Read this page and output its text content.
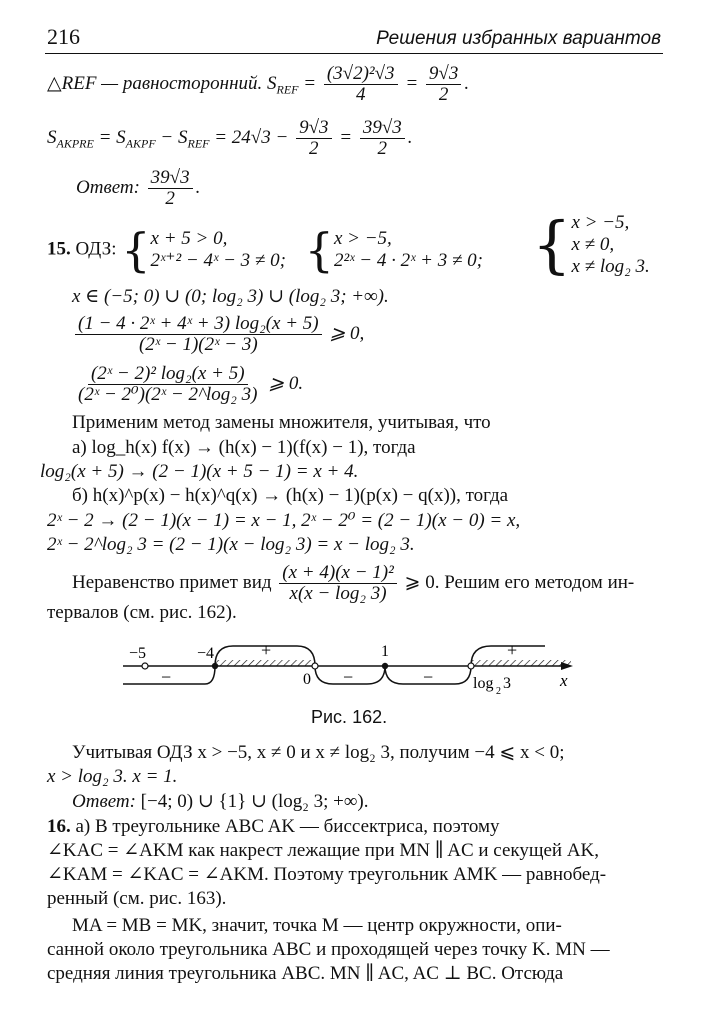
216	Решения избранных вариантов
△REF — равносторонний. $S_{REF} = \frac{\text{(3√2)²√3}}{4} = \frac{9√3}{2}$ .
$S_{AKPRE} = S_{AKPF} - S_{REF} = 24√3 - \frac{9√3}{2} = \frac{39√3}{2}$ .
Ответ: $\frac{39√3}{2}$ .
15. ОДЗ: { x + 5 > 0,
2ˣ⁺² − 4ˣ − 3 ≠ 0;
{ x > −5,
2²ˣ − 4 · 2ˣ + 3 ≠ 0; { x > −5,
x ≠ 0,
x ≠ log₂ 3.
x ∈ (−5; 0) ∪ (0; log₂ 3) ∪ (log₂ 3; +∞).
$\frac{\text{(1 − 4 · 2ˣ + 4ˣ + 3) log₂(x + 5)}}{\text{(2ˣ − 1)(2ˣ − 3)}}$ ⩾ 0,
$\frac{\text{(2ˣ − 2)² log₂(x + 5)}}{\text{(2ˣ − 2⁰)(2ˣ − 2\textasciicircum{}log₂ 3)}}$ ⩾ 0.
Применим метод замены множителя, учитывая, что
а) log_h(x) f(x) → (h(x) − 1)(f(x) − 1), тогда
log₂(x + 5) → (2 − 1)(x + 5 − 1) = x + 4.
б) h(x)^p(x) − h(x)^q(x) → (h(x) − 1)(p(x) − q(x)), тогда
2ˣ − 2 → (2 − 1)(x − 1) = x − 1, 2ˣ − 2⁰ = (2 − 1)(x − 0) = x,
2ˣ − 2^log₂ 3 = (2 − 1)(x − log₂ 3) = x − log₂ 3.
Неравенство примет вид $\frac{\text{(x + 4)(x − 1)²}}{\text{x(x − log₂ 3)}}$ ⩾ 0. Решим его методом ин-
тервалов (см. рис. 162).
−5	−4
0
1
log 2 3	x
−
+
−	−
+
Рис. 162.
Учитывая ОДЗ x > −5, x ≠ 0 и x ≠ log₂ 3, получим −4 ⩽ x < 0;
x > log₂ 3. x = 1.
Ответ: [−4; 0) ∪ {1} ∪ (log₂ 3; +∞).
16. а) В треугольнике ABC AK — биссектриса, поэтому
∠KAC = ∠AKM как накрест лежащие при MN ∥ AC и секущей AK,
∠KAM = ∠KAC = ∠AKM. Поэтому треугольник AMK — равнобед-
ренный (см. рис. 163).
MA = MB = MK, значит, точка M — центр окружности, опи-
санной около треугольника ABC и проходящей через точку K. MN —
средняя линия треугольника ABC. MN ∥ AC, AC ⊥ BC. Отсюда
